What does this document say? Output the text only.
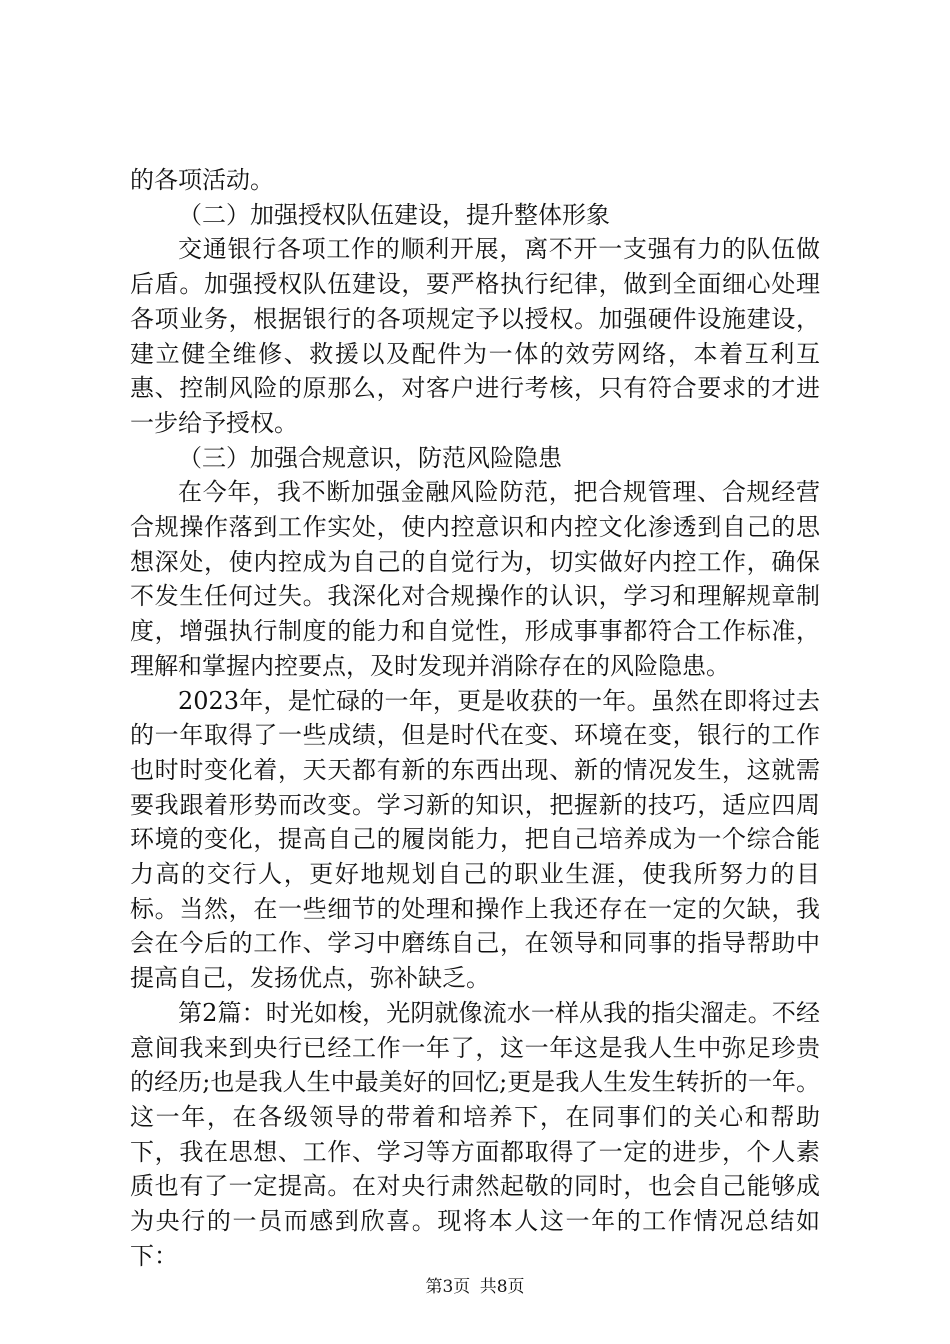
的各项活动。

（二）加强授权队伍建设，提升整体形象

交通银行各项工作的顺利开展，离不开一支强有力的队伍做后盾。加强授权队伍建设，要严格执行纪律，做到全面细心处理各项业务，根据银行的各项规定予以授权。加强硬件设施建设，建立健全维修、救援以及配件为一体的效劳网络，本着互利互惠、控制风险的原那么，对客户进行考核，只有符合要求的才进一步给予授权。

（三）加强合规意识，防范风险隐患

在今年，我不断加强金融风险防范，把合规管理、合规经营合规操作落到工作实处，使内控意识和内控文化渗透到自己的思想深处，使内控成为自己的自觉行为，切实做好内控工作，确保不发生任何过失。我深化对合规操作的认识，学习和理解规章制度，增强执行制度的能力和自觉性，形成事事都符合工作标准，理解和掌握内控要点，及时发现并消除存在的风险隐患。

2023年，是忙碌的一年，更是收获的一年。虽然在即将过去的一年取得了一些成绩，但是时代在变、环境在变，银行的工作也时时变化着，天天都有新的东西出现、新的情况发生，这就需要我跟着形势而改变。学习新的知识，把握新的技巧，适应四周环境的变化，提高自己的履岗能力，把自己培养成为一个综合能力高的交行人，更好地规划自己的职业生涯，使我所努力的目标。当然，在一些细节的处理和操作上我还存在一定的欠缺，我会在今后的工作、学习中磨练自己，在领导和同事的指导帮助中提高自己，发扬优点，弥补缺乏。

第2篇：时光如梭，光阴就像流水一样从我的指尖溜走。不经意间我来到央行已经工作一年了，这一年这是我人生中弥足珍贵的经历;也是我人生中最美好的回忆;更是我人生发生转折的一年。这一年，在各级领导的带着和培养下，在同事们的关心和帮助下，我在思想、工作、学习等方面都取得了一定的进步，个人素质也有了一定提高。在对央行肃然起敬的同时，也会自己能够成为央行的一员而感到欣喜。现将本人这一年的工作情况总结如下：

第3页 共8页
